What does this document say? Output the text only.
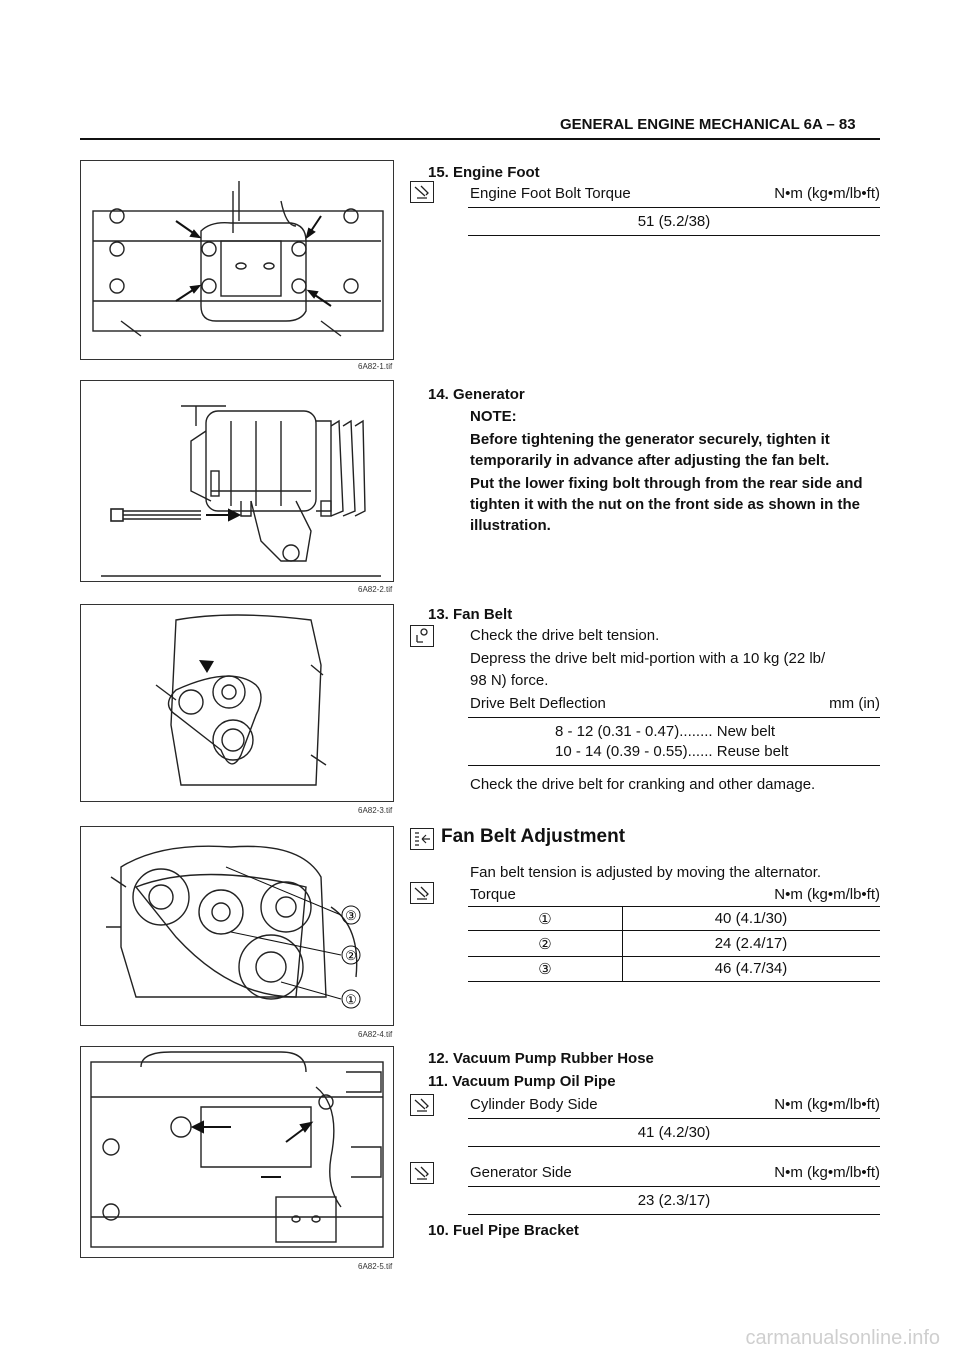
GENERAL ENGINE MECHANICAL 6A – 83
6A82-1.tif
15. Engine Foot
Engine Foot Bolt Torque	N•m (kg•m/lb•ft)
51 (5.2/38)
6A82-2.tif
14. Generator
NOTE:
Before tightening the generator securely, tighten it
temporarily in advance after adjusting the fan belt.
Put the lower fixing bolt through from the rear side and
tighten it with the nut on the front side as shown in the
illustration.
6A82-3.tif
13. Fan Belt
Check the drive belt tension.
Depress the drive belt mid-portion with a 10 kg (22 lb/
98 N) force.
Drive Belt Deflection	mm (in)
8 - 12 (0.31 - 0.47)........ New belt
10 - 14 (0.39 - 0.55)...... Reuse belt
Check the drive belt for cranking and other damage.
③
②
①
6A82-4.tif
Fan Belt Adjustment
Fan belt tension is adjusted by moving the alternator.
Torque	N•m (kg•m/lb•ft)
①	40 (4.1/30)
②	24 (2.4/17)
③	46 (4.7/34)
6A82-5.tif
12. Vacuum Pump Rubber Hose
11. Vacuum Pump Oil Pipe
Cylinder Body Side	N•m (kg•m/lb•ft)
41 (4.2/30)
Generator Side	N•m (kg•m/lb•ft)
23 (2.3/17)
10. Fuel Pipe Bracket
carmanualsonline.info
